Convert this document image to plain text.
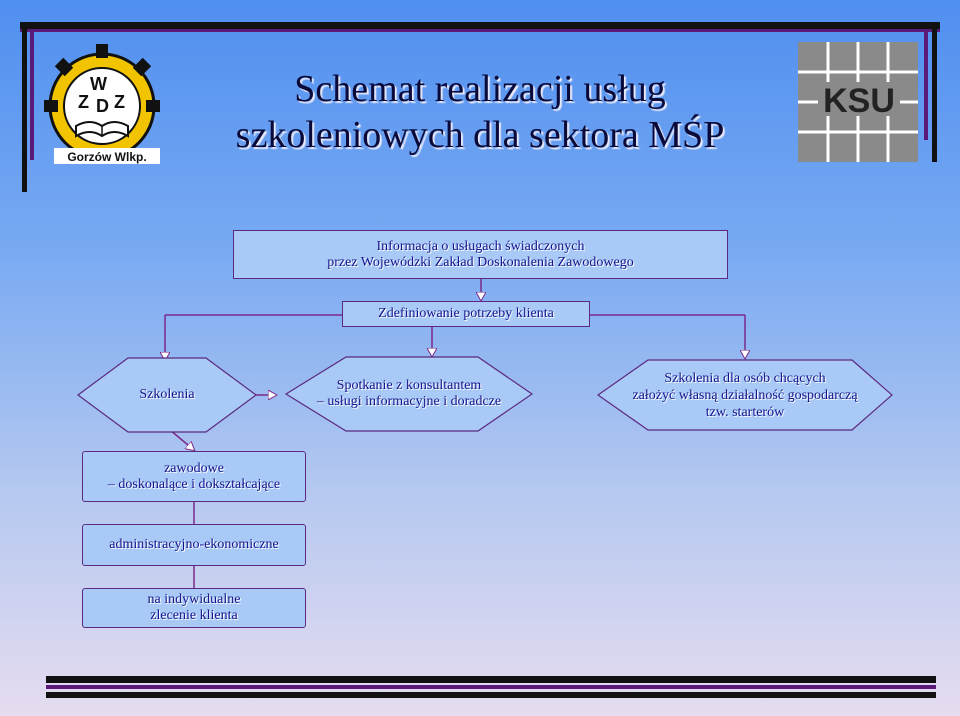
W
Z D Z
Gorzów Wlkp.
KSU
Schemat realizacji usług
szkoleniowych dla sektora MŚP
Informacja o usługach świadczonych
przez Wojewódzki Zakład Doskonalenia Zawodowego
Zdefiniowanie potrzeby klienta
Szkolenia
Spotkanie z konsultantem
– usługi informacyjne i doradcze
Szkolenia dla osób chcących
założyć własną działalność gospodarczą
tzw. starterów
zawodowe
– doskonalące i dokształcające
administracyjno-ekonomiczne
na indywidualne
zlecenie klienta
